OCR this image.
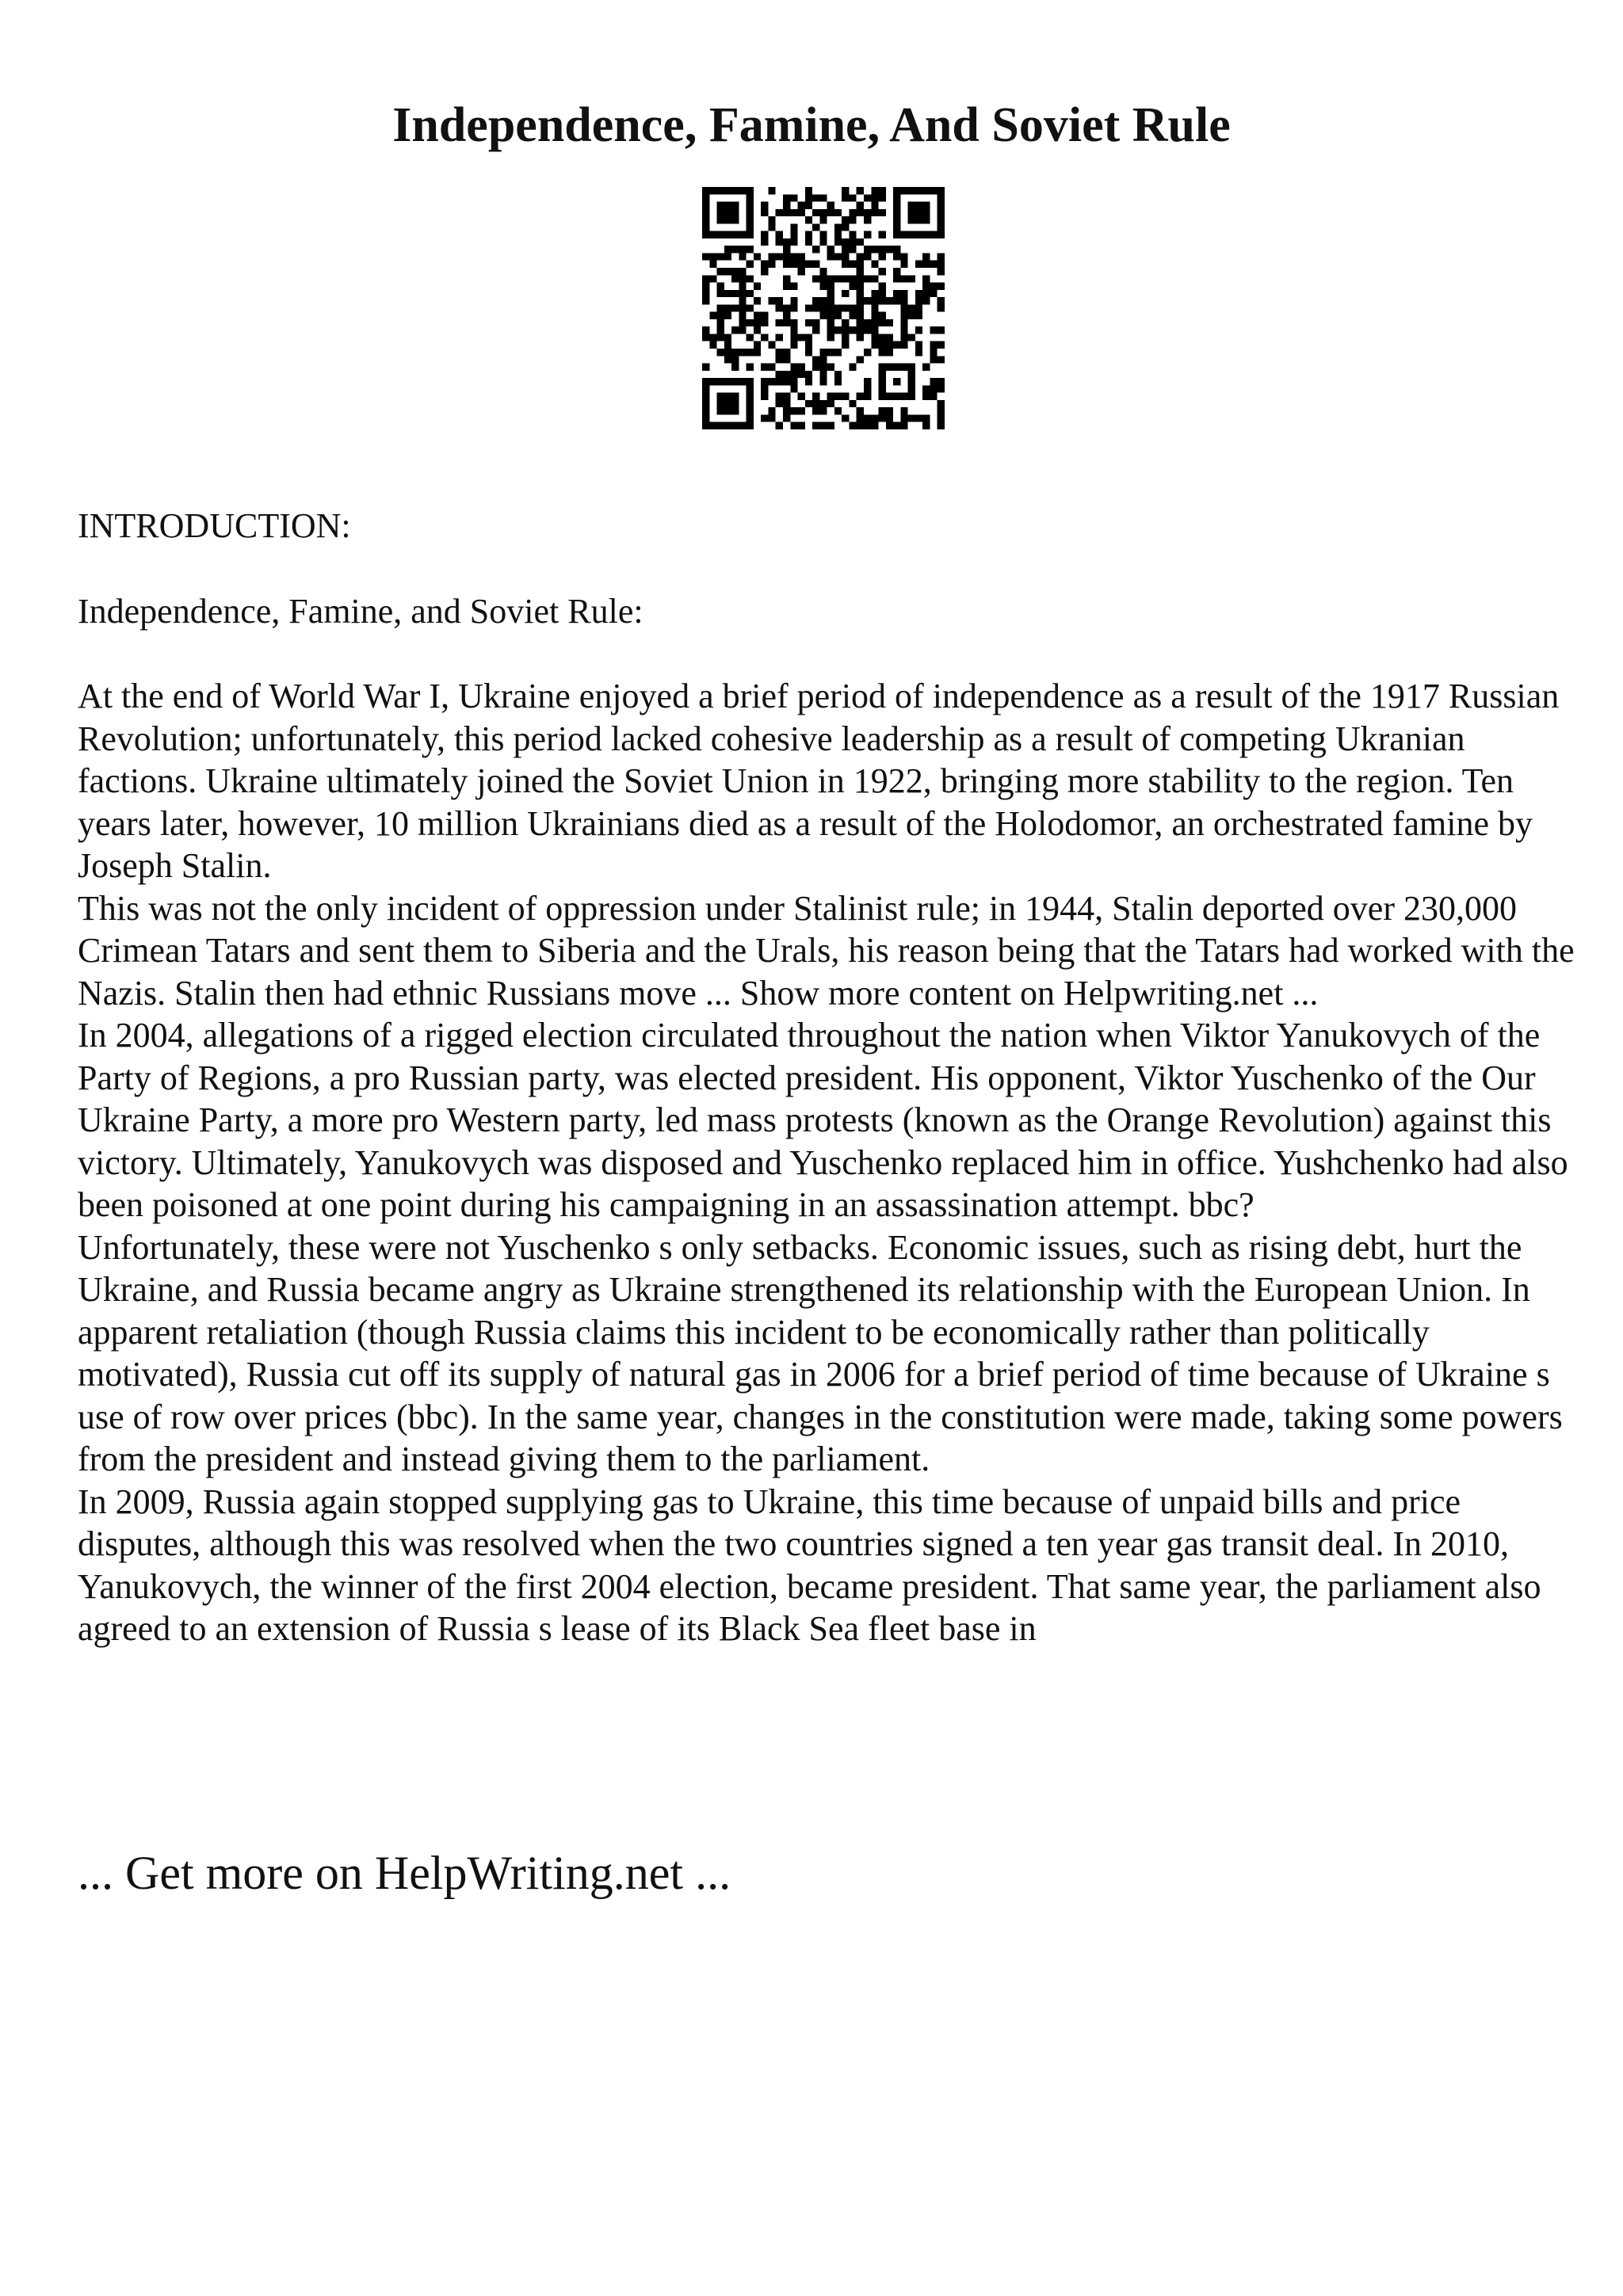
Independence, Famine, And Soviet Rule

INTRODUCTION:

Independence, Famine, and Soviet Rule:

At the end of World War I, Ukraine enjoyed a brief period of independence as a result of the 1917 Russian Revolution; unfortunately, this period lacked cohesive leadership as a result of competing Ukranian factions. Ukraine ultimately joined the Soviet Union in 1922, bringing more stability to the region. Ten years later, however, 10 million Ukrainians died as a result of the Holodomor, an orchestrated famine by Joseph Stalin.

This was not the only incident of oppression under Stalinist rule; in 1944, Stalin deported over 230,000 Crimean Tatars and sent them to Siberia and the Urals, his reason being that the Tatars had worked with the Nazis. Stalin then had ethnic Russians move ... Show more content on Helpwriting.net ...

In 2004, allegations of a rigged election circulated throughout the nation when Viktor Yanukovych of the Party of Regions, a pro Russian party, was elected president. His opponent, Viktor Yuschenko of the Our Ukraine Party, a more pro Western party, led mass protests (known as the Orange Revolution) against this victory. Ultimately, Yanukovych was disposed and Yuschenko replaced him in office. Yushchenko had also been poisoned at one point during his campaigning in an assassination attempt. bbc?

Unfortunately, these were not Yuschenko s only setbacks. Economic issues, such as rising debt, hurt the Ukraine, and Russia became angry as Ukraine strengthened its relationship with the European Union. In apparent retaliation (though Russia claims this incident to be economically rather than politically motivated), Russia cut off its supply of natural gas in 2006 for a brief period of time because of Ukraine s use of row over prices (bbc). In the same year, changes in the constitution were made, taking some powers from the president and instead giving them to the parliament.

In 2009, Russia again stopped supplying gas to Ukraine, this time because of unpaid bills and price disputes, although this was resolved when the two countries signed a ten year gas transit deal. In 2010, Yanukovych, the winner of the first 2004 election, became president. That same year, the parliament also agreed to an extension of Russia s lease of its Black Sea fleet base in

... Get more on HelpWriting.net ...
